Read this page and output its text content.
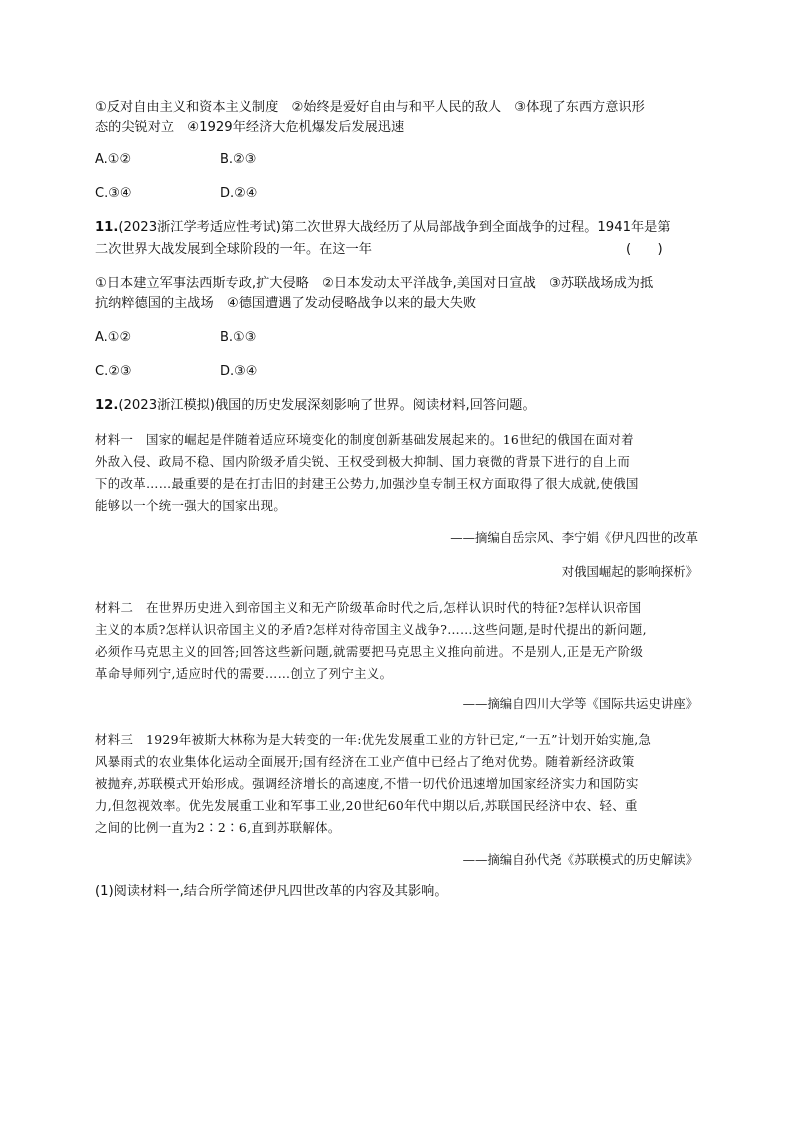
①反对自由主义和资本主义制度　②始终是爱好自由与和平人民的敌人　③体现了东西方意识形
态的尖锐对立　④1929年经济大危机爆发后发展迅速
A.①②	B.②③
C.③④	D.②④
11.(2023浙江学考适应性考试)第二次世界大战经历了从局部战争到全面战争的过程。1941年是第
二次世界大战发展到全球阶段的一年。在这一年	(　　)
①日本建立军事法西斯专政,扩大侵略　②日本发动太平洋战争,美国对日宣战　③苏联战场成为抵
抗纳粹德国的主战场　④德国遭遇了发动侵略战争以来的最大失败
A.①②	B.①③
C.②③	D.③④
12.(2023浙江模拟)俄国的历史发展深刻影响了世界。阅读材料,回答问题。
材料一　国家的崛起是伴随着适应环境变化的制度创新基础发展起来的。16世纪的俄国在面对着
外敌入侵、政局不稳、国内阶级矛盾尖锐、王权受到极大抑制、国力衰微的背景下进行的自上而
下的改革……最重要的是在打击旧的封建王公势力,加强沙皇专制王权方面取得了很大成就,使俄国
能够以一个统一强大的国家出现。
——摘编自岳宗风、李宁娟《伊凡四世的改革
对俄国崛起的影响探析》
材料二　在世界历史进入到帝国主义和无产阶级革命时代之后,怎样认识时代的特征?怎样认识帝国
主义的本质?怎样认识帝国主义的矛盾?怎样对待帝国主义战争?……这些问题,是时代提出的新问题,
必须作马克思主义的回答;回答这些新问题,就需要把马克思主义推向前进。不是别人,正是无产阶级
革命导师列宁,适应时代的需要……创立了列宁主义。
——摘编自四川大学等《国际共运史讲座》
材料三　1929年被斯大林称为是大转变的一年:优先发展重工业的方针已定,“一五”计划开始实施,急
风暴雨式的农业集体化运动全面展开;国有经济在工业产值中已经占了绝对优势。随着新经济政策
被抛弃,苏联模式开始形成。强调经济增长的高速度,不惜一切代价迅速增加国家经济实力和国防实
力,但忽视效率。优先发展重工业和军事工业,20世纪60年代中期以后,苏联国民经济中农、轻、重
之间的比例一直为2∶2∶6,直到苏联解体。
——摘编自孙代尧《苏联模式的历史解读》
(1)阅读材料一,结合所学简述伊凡四世改革的内容及其影响。
